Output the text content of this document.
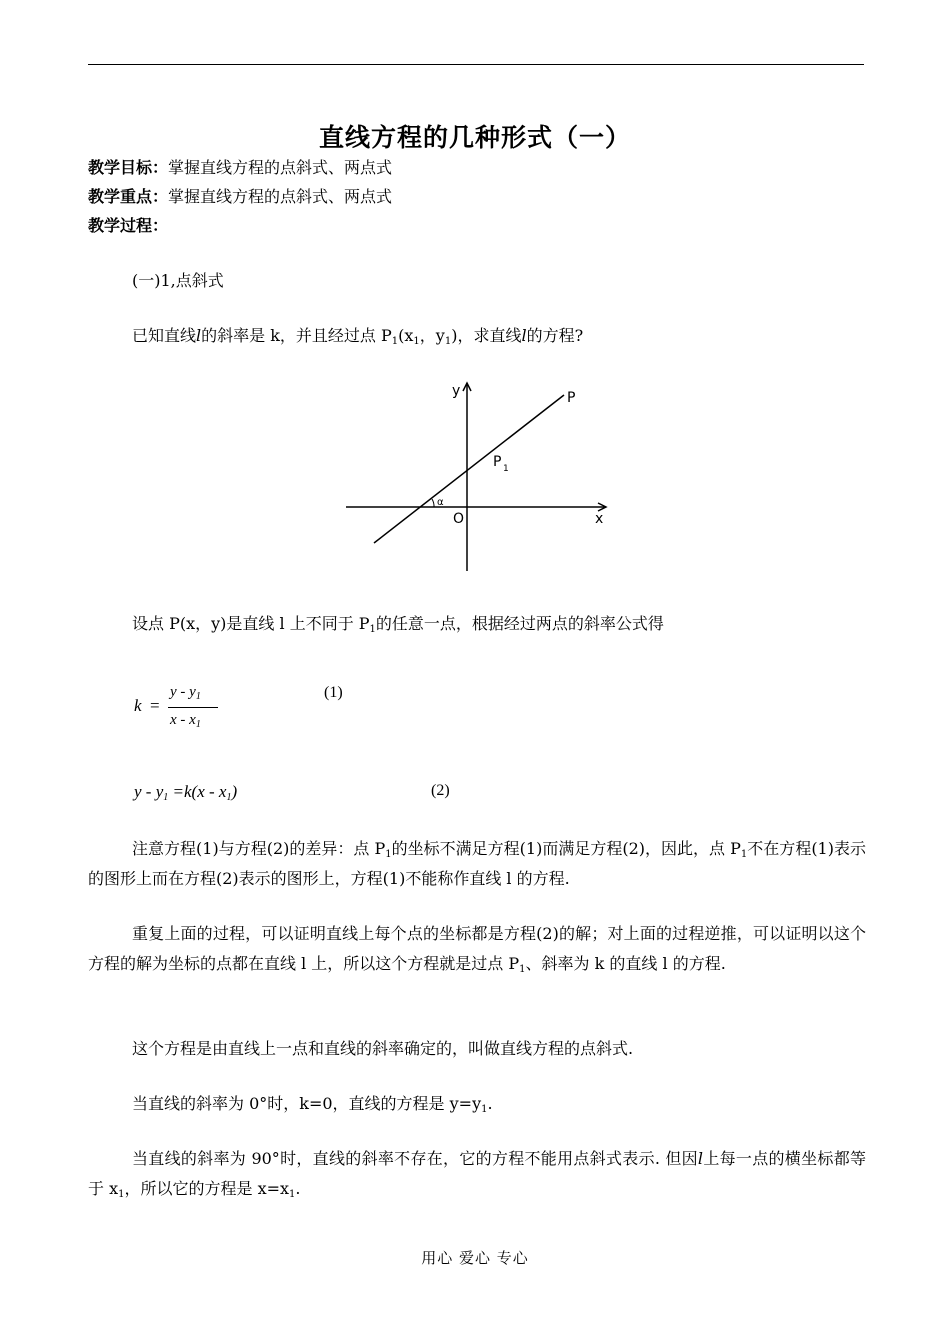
直线方程的几种形式（一）
教学目标：掌握直线方程的点斜式、两点式
教学重点：掌握直线方程的点斜式、两点式
教学过程：
(一)1,点斜式
已知直线l的斜率是 k，并且经过点 $P_1(x_1$，$y_1$)，求直线l的方程?
α
y
x
O
P
P 1
设点 P(x，y)是直线 l 上不同于 $P_1$的任意一点，根据经过两点的斜率公式得
k =
y - $y_1$
x - $x_1$
(1)
$y - y_1 =k(x - x_1)$	(2)
注意方程(1)与方程(2)的差异：点 $P_1$的坐标不满足方程(1)而满足方程(2)，因此，点 $P_1$不在方程(1)表示的图形上而在方程(2)表示的图形上，方程(1)不能称作直线 l 的方程.
重复上面的过程，可以证明直线上每个点的坐标都是方程(2)的解；对上面的过程逆推，可以证明以这个方程的解为坐标的点都在直线 l 上，所以这个方程就是过点 $P_1$、斜率为 k 的直线 l 的方程.
这个方程是由直线上一点和直线的斜率确定的，叫做直线方程的点斜式.
当直线的斜率为 0°时，k=0，直线的方程是 $y=y_1$.
当直线的斜率为 90°时，直线的斜率不存在，它的方程不能用点斜式表示. 但因l上每一点的横坐标都等于 $x_1$，所以它的方程是 $x=x_1$.
用心 爱心 专心
